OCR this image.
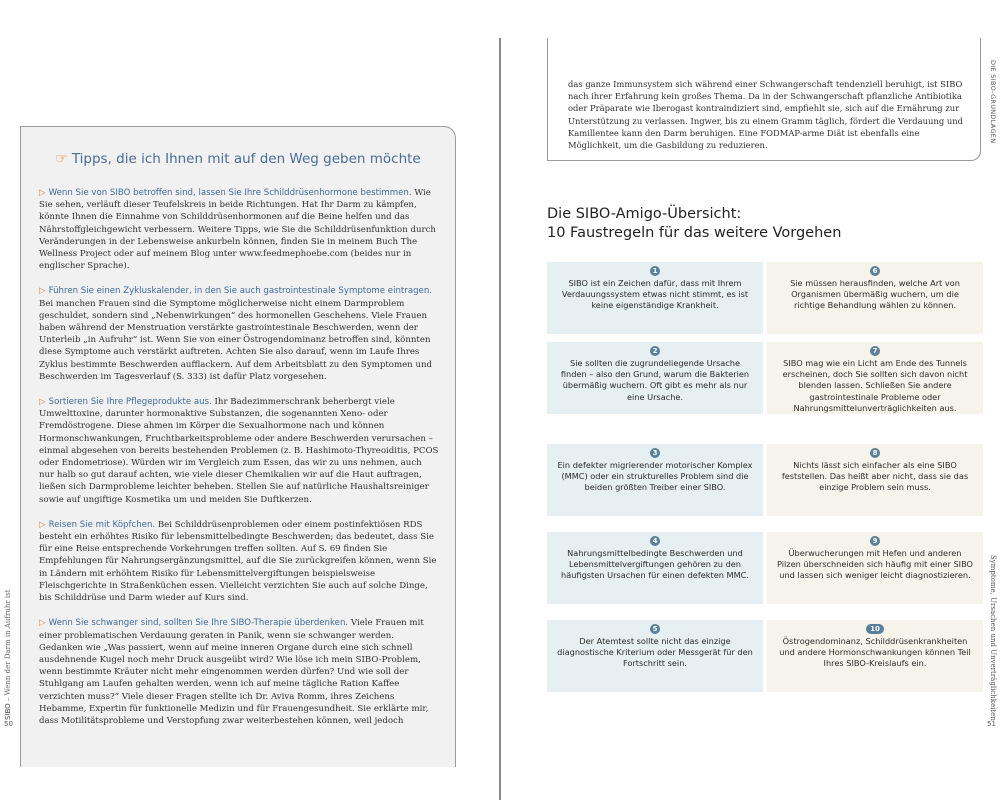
☞ Tipps, die ich Ihnen mit auf den Weg geben möchte

▷ Wenn Sie von SIBO betroffen sind, lassen Sie Ihre Schilddrüsenhormone bestimmen. Wie Sie sehen, verläuft dieser Teufelskreis in beide Richtungen. Hat Ihr Darm zu kämpfen, könnte Ihnen die Einnahme von Schilddrüsenhormonen auf die Beine helfen und das Nährstoffgleichgewicht verbessern. Weitere Tipps, wie Sie die Schilddrüsenfunktion durch Veränderungen in der Lebensweise ankurbeln können, finden Sie in meinem Buch The Wellness Project oder auf meinem Blog unter www.feedmephoebe.com (beides nur in englischer Sprache).

▷ Führen Sie einen Zykluskalender, in den Sie auch gastrointestinale Symptome eintragen. Bei manchen Frauen sind die Symptome möglicherweise nicht einem Darmproblem geschuldet, sondern sind „Nebenwirkungen“ des hormonellen Geschehens. Viele Frauen haben während der Menstruation verstärkte gastrointestinale Beschwerden, wenn der Unterleib „in Aufruhr“ ist. Wenn Sie von einer Östrogendominanz betroffen sind, könnten diese Symptome auch verstärkt auftreten. Achten Sie also darauf, wenn im Laufe Ihres Zyklus bestimmte Beschwerden aufflackern. Auf dem Arbeitsblatt zu den Symptomen und Beschwerden im Tagesverlauf (S. 333) ist dafür Platz vorgesehen.

▷ Sortieren Sie Ihre Pflegeprodukte aus. Ihr Badezimmerschrank beherbergt viele Umwelttoxine, darunter hormonaktive Substanzen, die sogenannten Xeno- oder Fremdöstrogene. Diese ahmen im Körper die Sexualhormone nach und können Hormonschwankungen, Fruchtbarkeitsprobleme oder andere Beschwerden verursachen – einmal abgesehen von bereits bestehenden Problemen (z. B. Hashimoto-Thyreoiditis, PCOS oder Endometriose). Würden wir im Vergleich zum Essen, das wir zu uns nehmen, auch nur halb so gut darauf achten, wie viele dieser Chemikalien wir auf die Haut auftragen, ließen sich Darmprobleme leichter beheben. Stellen Sie auf natürliche Haushaltsreiniger sowie auf ungiftige Kosmetika um und meiden Sie Duftkerzen.

▷ Reisen Sie mit Köpfchen. Bei Schilddrüsenproblemen oder einem postinfektiösen RDS besteht ein erhöhtes Risiko für lebensmittelbedingte Beschwerden; das bedeutet, dass Sie für eine Reise entsprechende Vorkehrungen treffen sollten. Auf S. 69 finden Sie Empfehlungen für Nahrungsergänzungsmittel, auf die Sie zurückgreifen können, wenn Sie in Ländern mit erhöhtem Risiko für Lebensmittelvergiftungen beispielsweise Fleischgerichte in Straßenküchen essen. Vielleicht verzichten Sie auch auf solche Dinge, bis Schilddrüse und Darm wieder auf Kurs sind.

▷ Wenn Sie schwanger sind, sollten Sie Ihre SIBO-Therapie überdenken. Viele Frauen mit einer problematischen Verdauung geraten in Panik, wenn sie schwanger werden. Gedanken wie „Was passiert, wenn auf meine inneren Organe durch eine sich schnell ausdehnende Kugel noch mehr Druck ausgeübt wird? Wie löse ich mein SIBO-Problem, wenn bestimmte Kräuter nicht mehr eingenommen werden dürfen? Und wie soll der Stuhlgang am Laufen gehalten werden, wenn ich auf meine tägliche Ration Kaffee verzichten muss?“ Viele dieser Fragen stellte ich Dr. Aviva Romm, ihres Zeichens Hebamme, Expertin für funktionelle Medizin und für Frauengesundheit. Sie erklärte mir, dass Motilitätsprobleme und Verstopfung zwar weiterbestehen können, weil jedoch

SIBO – Wenn der Darm in Aufruhr ist
50
das ganze Immunsystem sich während einer Schwangerschaft tendenziell beruhigt, ist SIBO nach ihrer Erfahrung kein großes Thema. Da in der Schwangerschaft pflanzliche Antibiotika oder Präparate wie Iberogast kontraindiziert sind, empfiehlt sie, sich auf die Ernährung zur Unterstützung zu verlassen. Ingwer, bis zu einem Gramm täglich, fördert die Verdauung und Kamillentee kann den Darm beruhigen. Eine FODMAP-arme Diät ist ebenfalls eine Möglichkeit, um die Gasbildung zu reduzieren.
DIE SIBO-GRUNDLAGEN
Die SIBO-Amigo-Übersicht:
10 Faustregeln für das weitere Vorgehen
1
SIBO ist ein Zeichen dafür, dass mit Ihrem Verdauungssystem etwas nicht stimmt, es ist keine eigenständige Krankheit.
6
Sie müssen herausfinden, welche Art von Organismen übermäßig wuchern, um die richtige Behandlung wählen zu können.
2
Sie sollten die zugrundeliegende Ursache finden – also den Grund, warum die Bakterien übermäßig wuchern. Oft gibt es mehr als nur eine Ursache.
7
SIBO mag wie ein Licht am Ende des Tunnels erscheinen, doch Sie sollten sich davon nicht blenden lassen. Schließen Sie andere gastrointestinale Probleme oder Nahrungsmittelunverträglichkeiten aus.
3
Ein defekter migrierender motorischer Komplex (MMC) oder ein strukturelles Problem sind die beiden größten Treiber einer SIBO.
8
Nichts lässt sich einfacher als eine SIBO feststellen. Das heißt aber nicht, dass sie das einzige Problem sein muss.
4
Nahrungsmittelbedingte Beschwerden und Lebensmittelvergiftungen gehören zu den häufigsten Ursachen für einen defekten MMC.
9
Überwucherungen mit Hefen und anderen Pilzen überschneiden sich häufig mit einer SIBO und lassen sich weniger leicht diagnostizieren.
5
Der Atemtest sollte nicht das einzige diagnostische Kriterium oder Messgerät für den Fortschritt sein.
10
Östrogendominanz, Schilddrüsenkrankheiten und andere Hormonschwankungen können Teil Ihres SIBO-Kreislaufs ein.	Symptome, Ursachen und Unverträglichkeiten
51
